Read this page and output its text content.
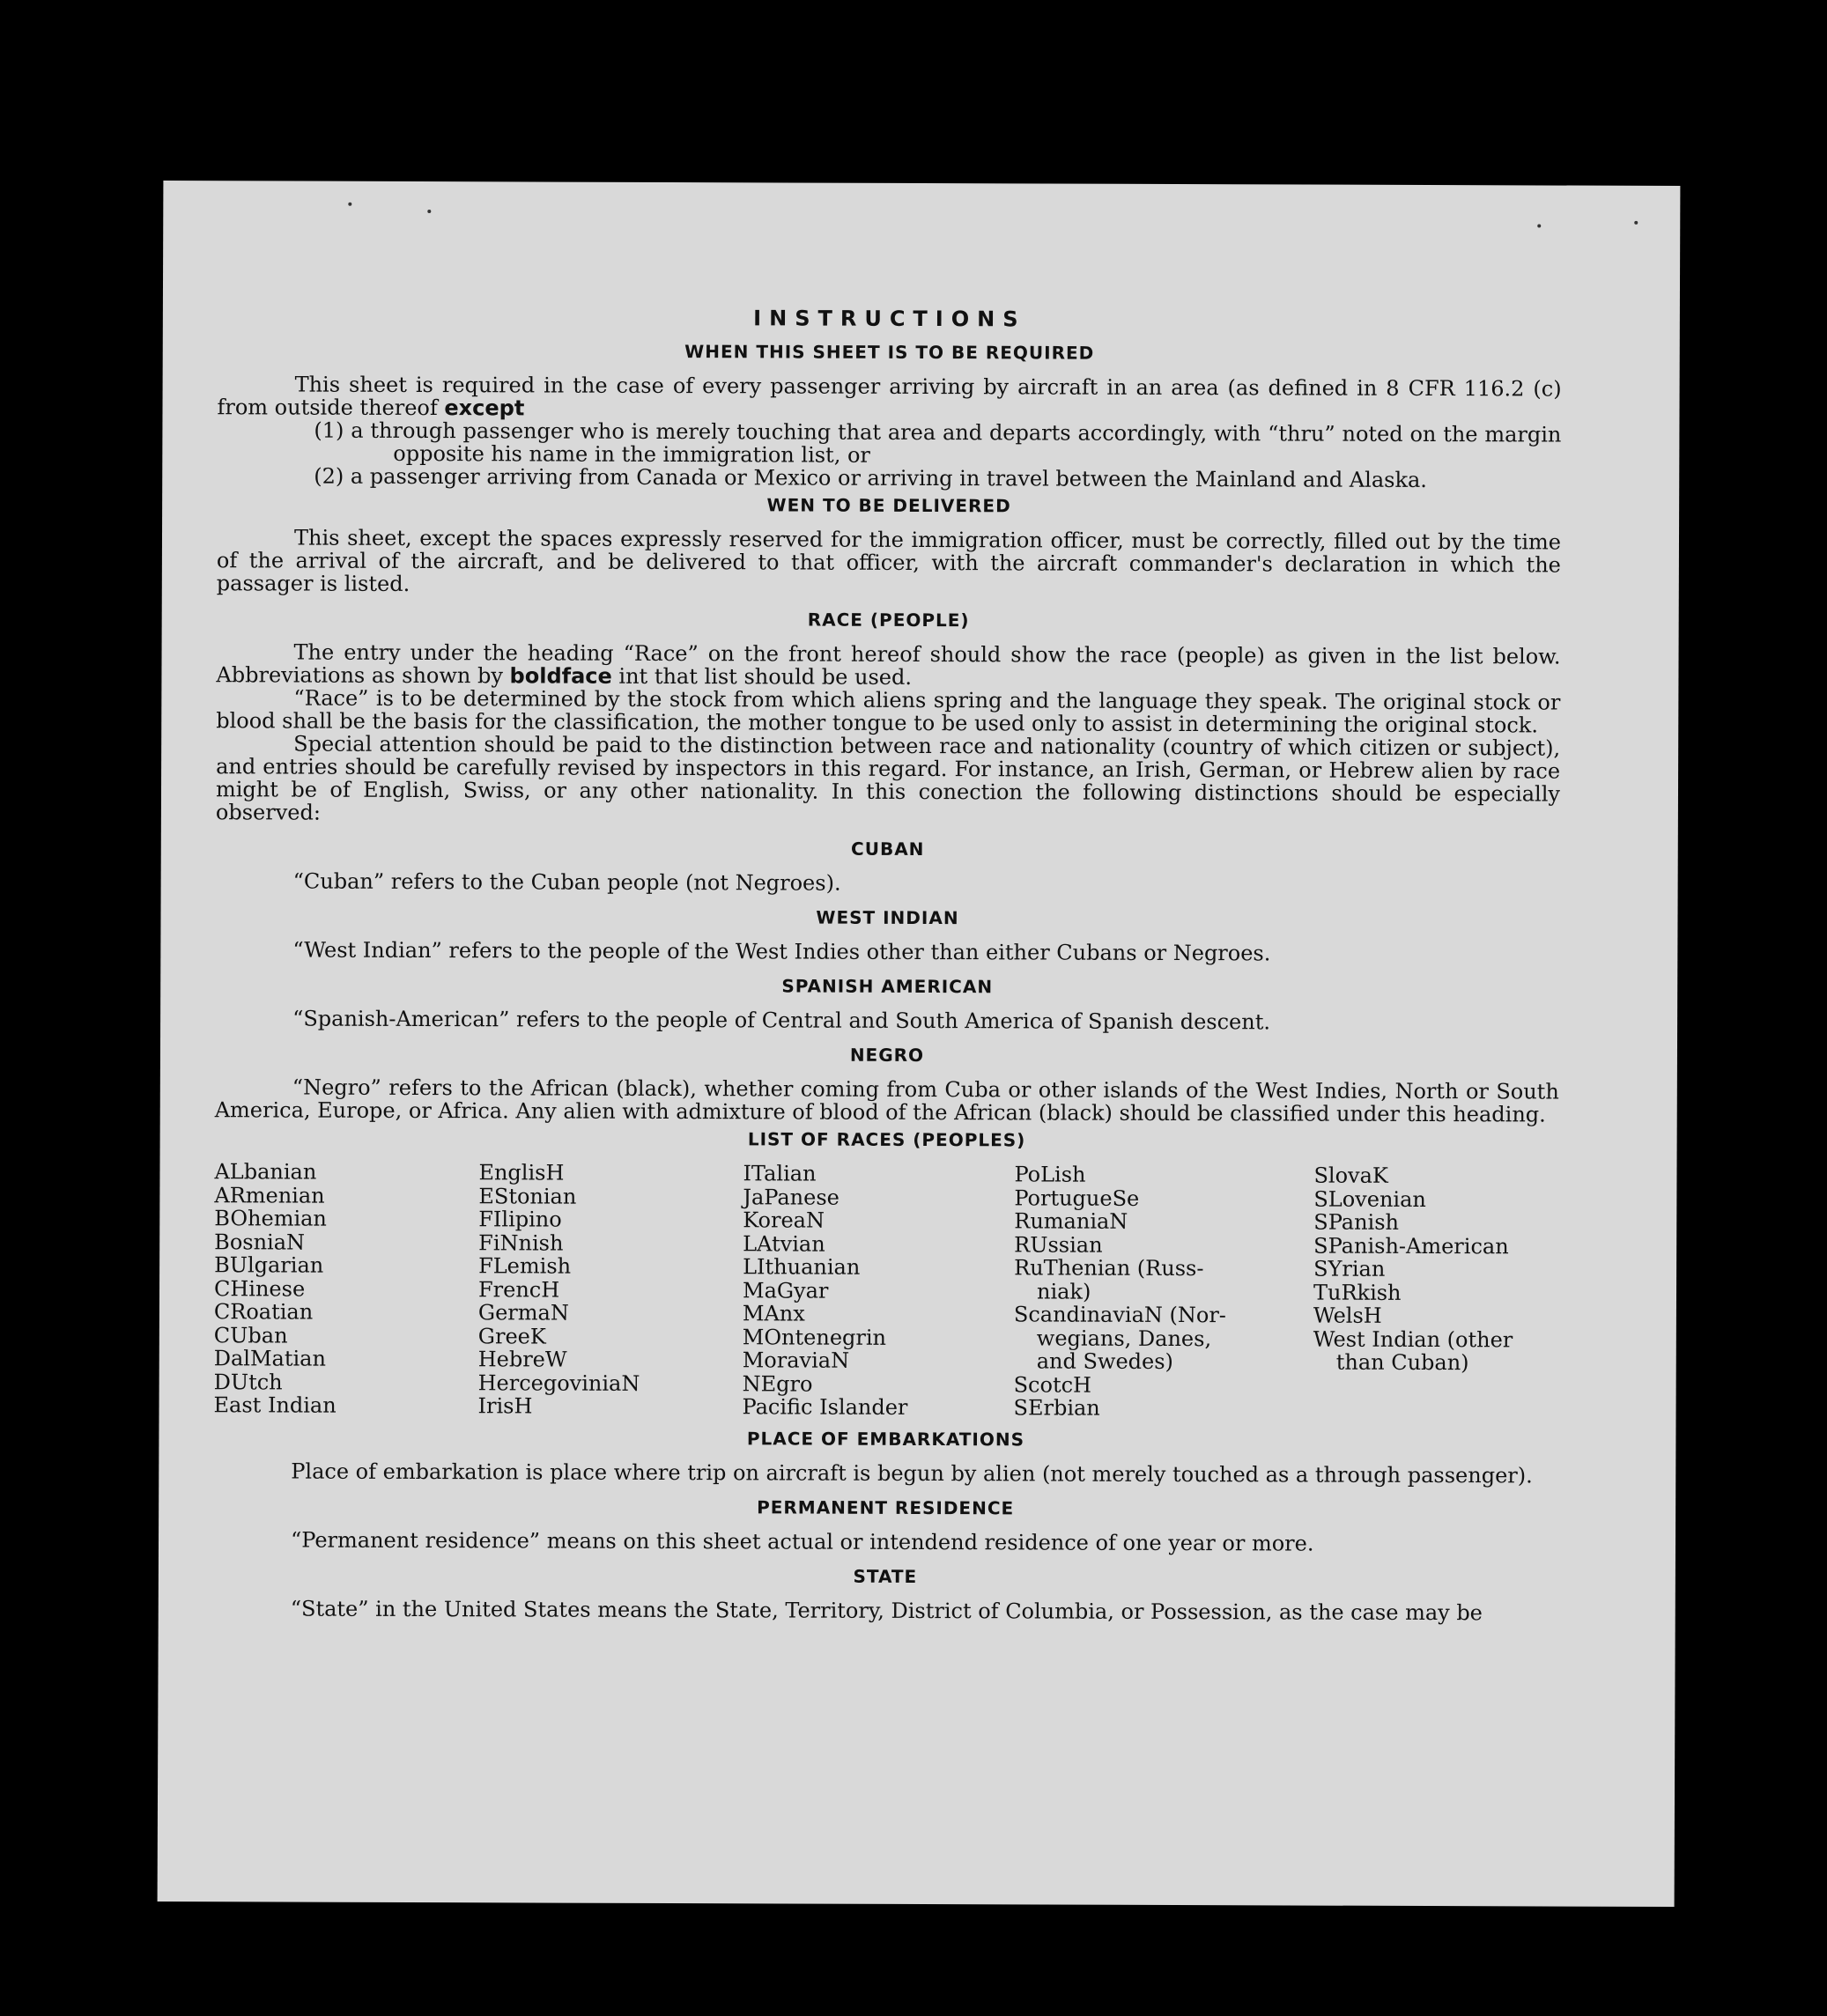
INSTRUCTIONS
WHEN THIS SHEET IS TO BE REQUIRED

This sheet is required in the case of every passenger arriving by aircraft in an area (as defined in 8 CFR 116.2 (c) from outside thereof except

(1) a through passenger who is merely touching that area and departs accordingly, with “thru” noted on the margin opposite his name in the immigration list, or
(2) a passenger arriving from Canada or Mexico or arriving in travel between the Mainland and Alaska.
WEN TO BE DELIVERED

This sheet, except the spaces expressly reserved for the immigration officer, must be correctly, filled out by the time of the arrival of the aircraft, and be delivered to that officer, with the aircraft commander's declaration in which the passager is listed.

RACE (PEOPLE)

The entry under the heading “Race” on the front hereof should show the race (people) as given in the list below. Abbreviations as shown by boldface int that list should be used.

“Race” is to be determined by the stock from which aliens spring and the language they speak. The original stock or blood shall be the basis for the classification, the mother tongue to be used only to assist in determining the original stock.

Special attention should be paid to the distinction between race and nationality (country of which citizen or subject), and entries should be carefully revised by inspectors in this regard. For instance, an Irish, German, or Hebrew alien by race might be of English, Swiss, or any other nationality. In this conection the following distinctions should be especially observed:

CUBAN

“Cuban” refers to the Cuban people (not Negroes).

WEST INDIAN

“West Indian” refers to the people of the West Indies other than either Cubans or Negroes.

SPANISH AMERICAN

“Spanish-American” refers to the people of Central and South America of Spanish descent.

NEGRO

“Negro” refers to the African (black), whether coming from Cuba or other islands of the West Indies, North or South America, Europe, or Africa. Any alien with admixture of blood of the African (black) should be classified under this heading.

LIST OF RACES (PEOPLES)
ALbanian
ARmenian
BOhemian
BosniaN
BUlgarian
CHinese
CRoatian
CUban
DalMatian
DUtch
East Indian
EnglisH
EStonian
FIlipino
FiNnish
FLemish
FrencH
GermaN
GreeK
HebreW
HercegoviniaN
IrisH
ITalian
JaPanese
KoreaN
LAtvian
LIthuanian
MaGyar
MAnx
MOntenegrin
MoraviaN
NEgro
Pacific Islander
PoLish
PortugueSe
RumaniaN
RUssian
RuThenian (Russ-
niak)
ScandinaviaN (Nor-
wegians, Danes,
and Swedes)
ScotcH
SErbian
SlovaK
SLovenian
SPanish
SPanish-American
SYrian
TuRkish
WelsH
West Indian (other
than Cuban)
PLACE OF EMBARKATIONS

Place of embarkation is place where trip on aircraft is begun by alien (not merely touched as a through passenger).

PERMANENT RESIDENCE

“Permanent residence” means on this sheet actual or intendend residence of one year or more.

STATE

“State” in the United States means the State, Territory, District of Columbia, or Possession, as the case may be
